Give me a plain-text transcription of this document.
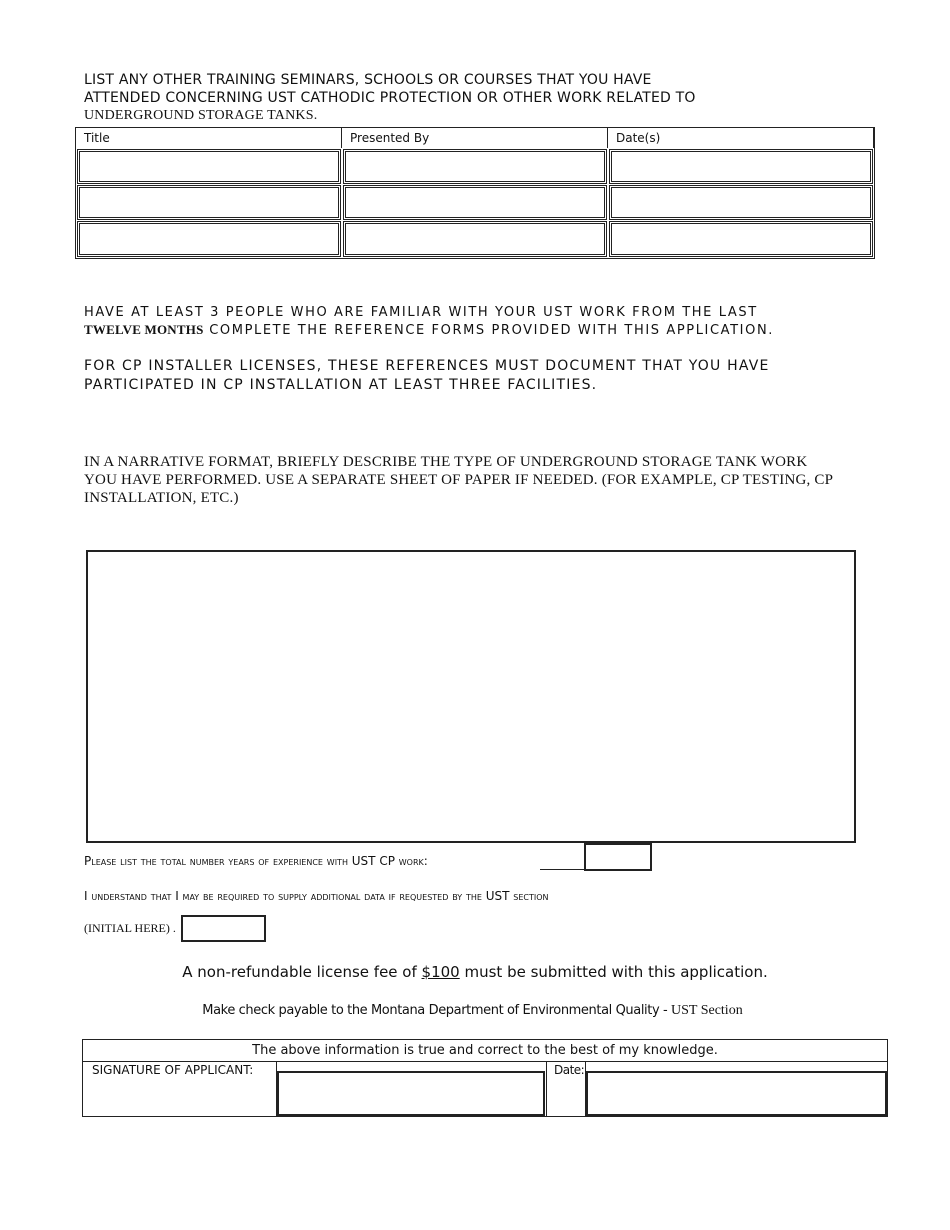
LIST ANY OTHER TRAINING SEMINARS, SCHOOLS OR COURSES THAT YOU HAVE
ATTENDED CONCERNING UST CATHODIC PROTECTION OR OTHER WORK RELATED TO
UNDERGROUND STORAGE TANKS.
Title	Presented By	Date(s)
HAVE AT LEAST 3 PEOPLE WHO ARE FAMILIAR WITH YOUR UST WORK FROM THE LAST
TWELVE MONTHS COMPLETE THE REFERENCE FORMS PROVIDED WITH THIS APPLICATION.
FOR CP INSTALLER LICENSES, THESE REFERENCES MUST DOCUMENT THAT YOU HAVE
PARTICIPATED IN CP INSTALLATION AT LEAST THREE FACILITIES.
IN A NARRATIVE FORMAT, BRIEFLY DESCRIBE THE TYPE OF UNDERGROUND STORAGE TANK WORK
YOU HAVE PERFORMED. USE A SEPARATE SHEET OF PAPER IF NEEDED. (FOR EXAMPLE, CP TESTING, CP
INSTALLATION, ETC.)
Please list the total number years of experience with UST CP work:
I understand that I may be required to supply additional data if requested by the UST section
(INITIAL HERE) .
A non-refundable license fee of $100 must be submitted with this application.
Make check payable to the Montana Department of Environmental Quality - UST Section
The above information is true and correct to the best of my knowledge.
SIGNATURE OF APPLICANT:	Date:
